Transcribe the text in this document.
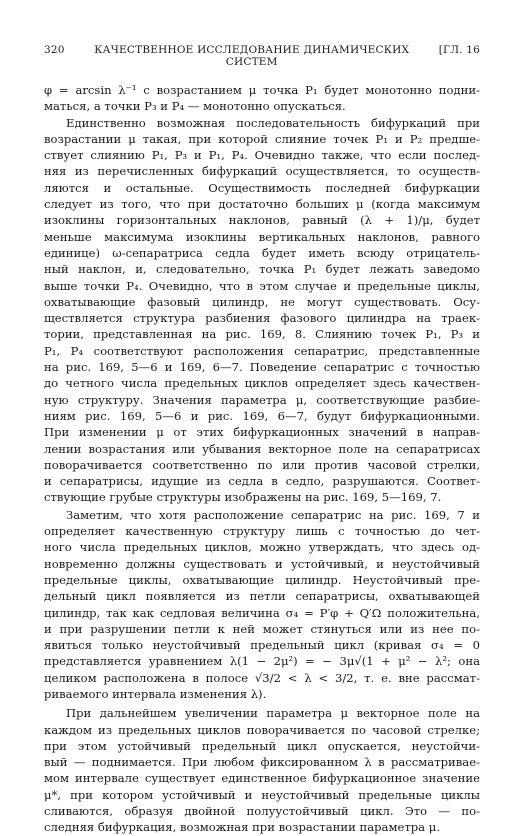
320	КАЧЕСТВЕННОЕ ИССЛЕДОВАНИЕ ДИНАМИЧЕСКИХ СИСТЕМ
[ГЛ. 16
φ = arcsin λ⁻¹ с возрастанием μ точка P₁ будет монотонно подни-
маться, а точки P₃ и P₄ — монотонно опускаться.
Единственно возможная последовательность бифуркаций при
возрастании μ такая, при которой слияние точек P₁ и P₂ предше-
ствует слиянию P₁, P₃ и P₁, P₄. Очевидно также, что если послед-
няя из перечисленных бифуркаций осуществляется, то осуществ-
ляются и остальные. Осуществимость последней бифуркации
следует из того, что при достаточно больших μ (когда максимум
изоклины горизонтальных наклонов, равный (λ + 1)/μ, будет
меньше максимума изоклины вертикальных наклонов, равного
единице) ω-сепаратриса седла будет иметь всюду отрицатель-
ный наклон, и, следовательно, точка P₁ будет лежать заведомо
выше точки P₄. Очевидно, что в этом случае и предельные циклы,
охватывающие фазовый цилиндр, не могут существовать. Осу-
ществляется структура разбиения фазового цилиндра на траек-
тории, представленная на рис. 169, 8. Слиянию точек P₁, P₃ и
P₁, P₄ соответствуют расположения сепаратрис, представленные
на рис. 169, 5—6 и 169, 6—7. Поведение сепаратрис с точностью
до четного числа предельных циклов определяет здесь качествен-
ную структуру. Значения параметра μ, соответствующие разбие-
ниям рис. 169, 5—6 и рис. 169, 6—7, будут бифуркационными.
При изменении μ от этих бифуркационных значений в направ-
лении возрастания или убывания векторное поле на сепаратрисах
поворачивается соответственно по или против часовой стрелки,
и сепаратрисы, идущие из седла в седло, разрушаются. Соответ-
ствующие грубые структуры изображены на рис. 169, 5—169, 7.
Заметим, что хотя расположение сепаратрис на рис. 169, 7 и
определяет качественную структуру лишь с точностью до чет-
ного числа предельных циклов, можно утверждать, что здесь од-
новременно должны существовать и устойчивый, и неустойчивый
предельные циклы, охватывающие цилиндр. Неустойчивый пре-
дельный цикл появляется из петли сепаратрисы, охватывающей
цилиндр, так как седловая величина σ₄ = P′φ + Q′Ω положительна,
и при разрушении петли к ней может стянуться или из нее по-
явиться только неустойчивый предельный цикл (кривая σ₄ = 0
представляется уравнением λ(1 − 2μ²) = − 3μ√(1 + μ² − λ²; она
целиком расположена в полосе √3/2 < λ < 3/2, т. е. вне рассмат-
риваемого интервала изменения λ).
При дальнейшем увеличении параметра μ векторное поле на
каждом из предельных циклов поворачивается по часовой стрелке;
при этом устойчивый предельный цикл опускается, неустойчи-
вый — поднимается. При любом фиксированном λ в рассматривае-
мом интервале существует единственное бифуркационное значение
μ*, при котором устойчивый и неустойчивый предельные циклы
сливаются, образуя двойной полуустойчивый цикл. Это — по-
следняя бифуркация, возможная при возрастании параметра μ.
